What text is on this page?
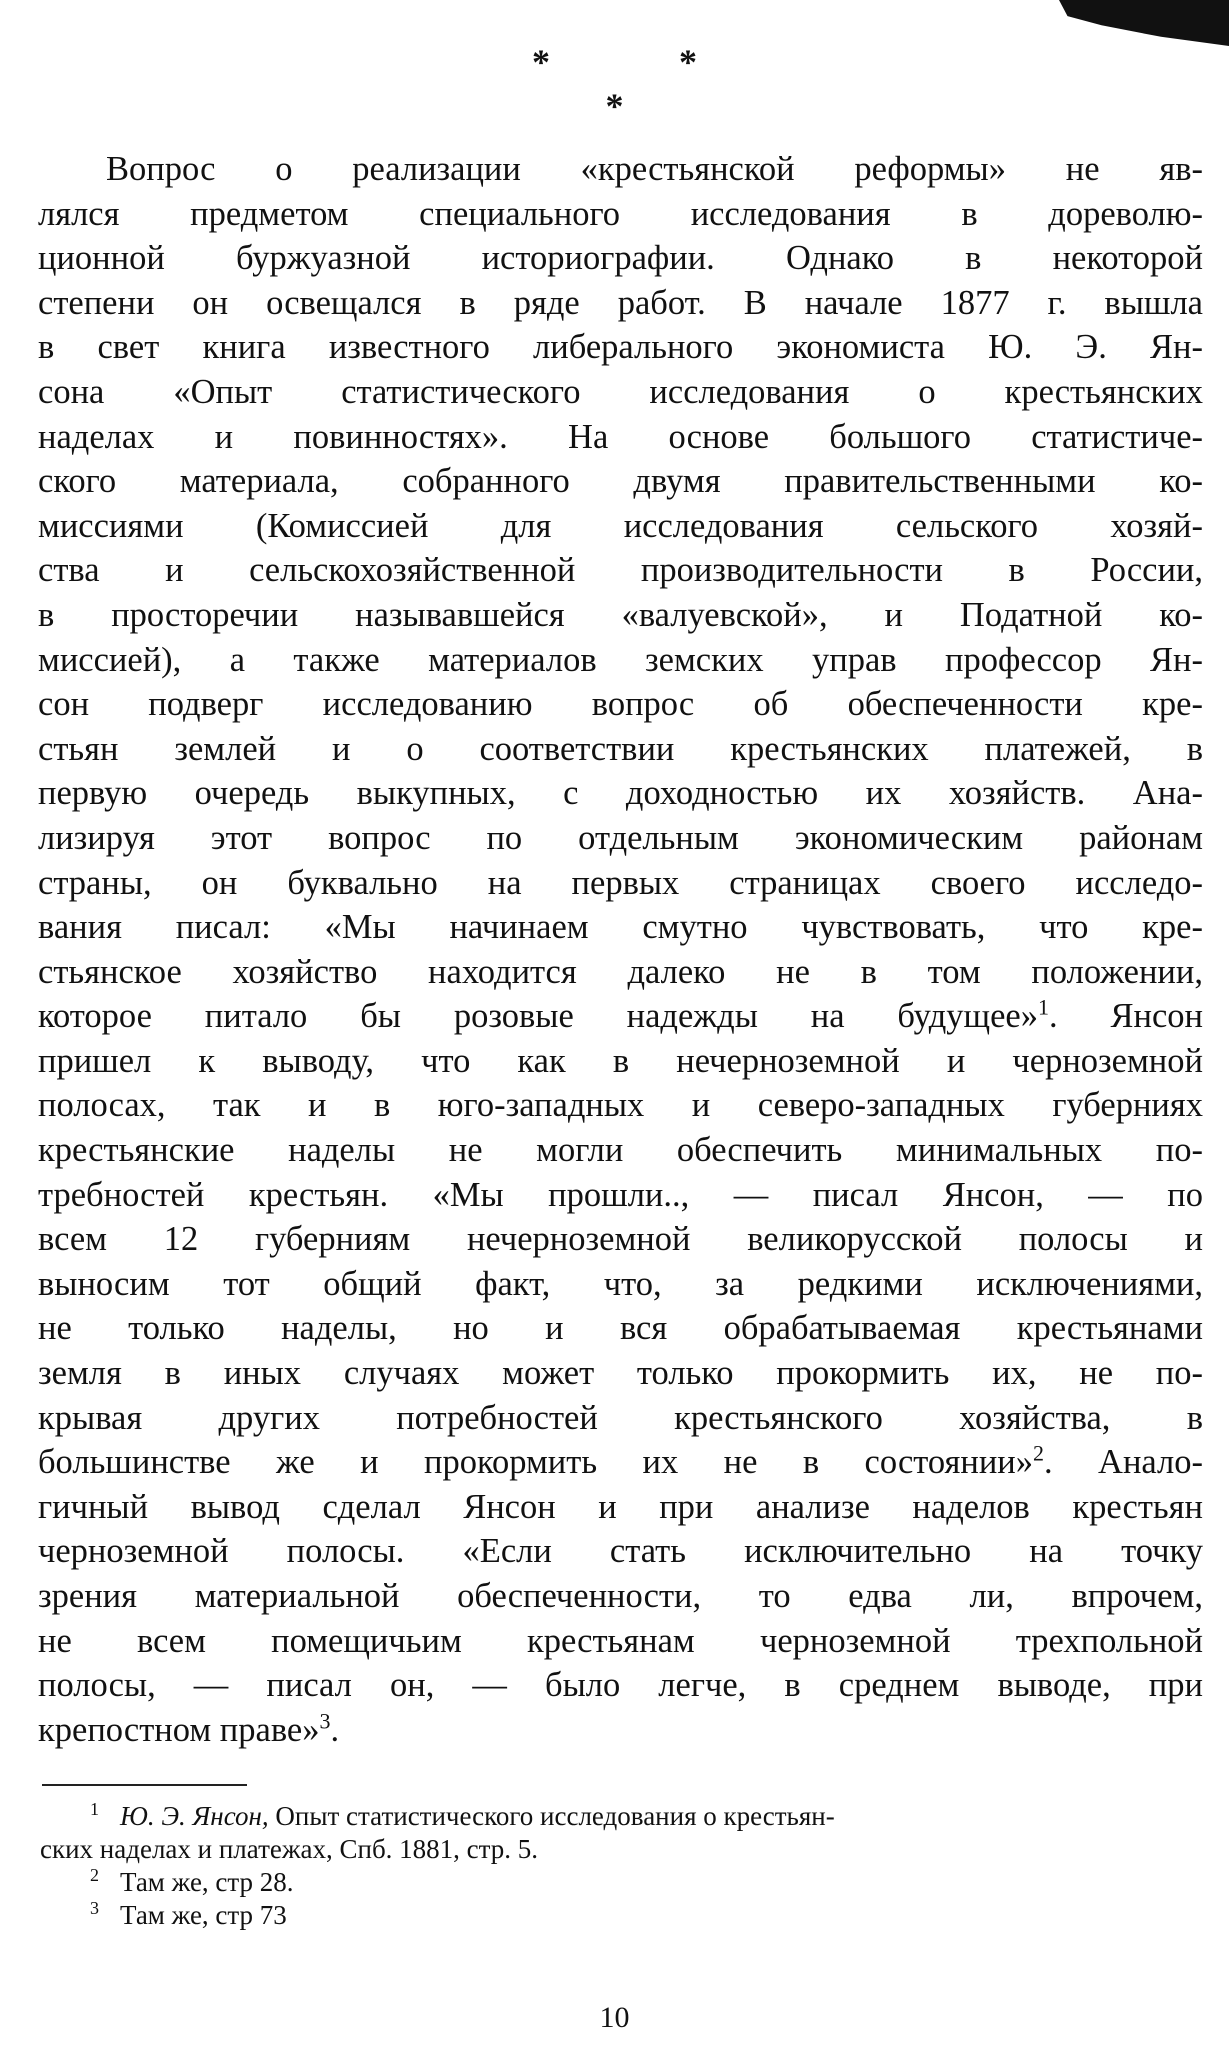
* *
*
Вопрос о реализации «крестьянской реформы» не яв-
лялся предметом специального исследования в дореволю-
ционной буржуазной историографии. Однако в некоторой
степени он освещался в ряде работ. В начале 1877 г. вышла
в свет книга известного либерального экономиста Ю. Э. Ян-
сона «Опыт статистического исследования о крестьянских
наделах и повинностях». На основе большого статистиче-
ского материала, собранного двумя правительственными ко-
миссиями (Комиссией для исследования сельского хозяй-
ства и сельскохозяйственной производительности в России,
в просторечии называвшейся «валуевской», и Податной ко-
миссией), а также материалов земских управ профессор Ян-
сон подверг исследованию вопрос об обеспеченности кре-
стьян землей и о соответствии крестьянских платежей, в
первую очередь выкупных, с доходностью их хозяйств. Ана-
лизируя этот вопрос по отдельным экономическим районам
страны, он буквально на первых страницах своего исследо-
вания писал: «Мы начинаем смутно чувствовать, что кре-
стьянское хозяйство находится далеко не в том положении,
которое питало бы розовые надежды на будущее»$^1$. Янсон
пришел к выводу, что как в нечерноземной и черноземной
полосах, так и в юго-западных и северо-западных губерниях
крестьянские наделы не могли обеспечить минимальных по-
требностей крестьян. «Мы прошли.., — писал Янсон, — по
всем 12 губерниям нечерноземной великорусской полосы и
выносим тот общий факт, что, за редкими исключениями,
не только наделы, но и вся обрабатываемая крестьянами
земля в иных случаях может только прокормить их, не по-
крывая других потребностей крестьянского хозяйства, в
большинстве же и прокормить их не в состоянии»$^2$. Анало-
гичный вывод сделал Янсон и при анализе наделов крестьян
черноземной полосы. «Если стать исключительно на точку
зрения материальной обеспеченности, то едва ли, впрочем,
не всем помещичьим крестьянам черноземной трехпольной
полосы, — писал он, — было легче, в среднем выводе, при
крепостном праве»$^3$.
1 Ю. Э. Янсон, Опыт статистического исследования о крестьян-
ских наделах и платежах, Спб. 1881, стр. 5.
2 Там же, стр 28.
3 Там же, стр 73
10
